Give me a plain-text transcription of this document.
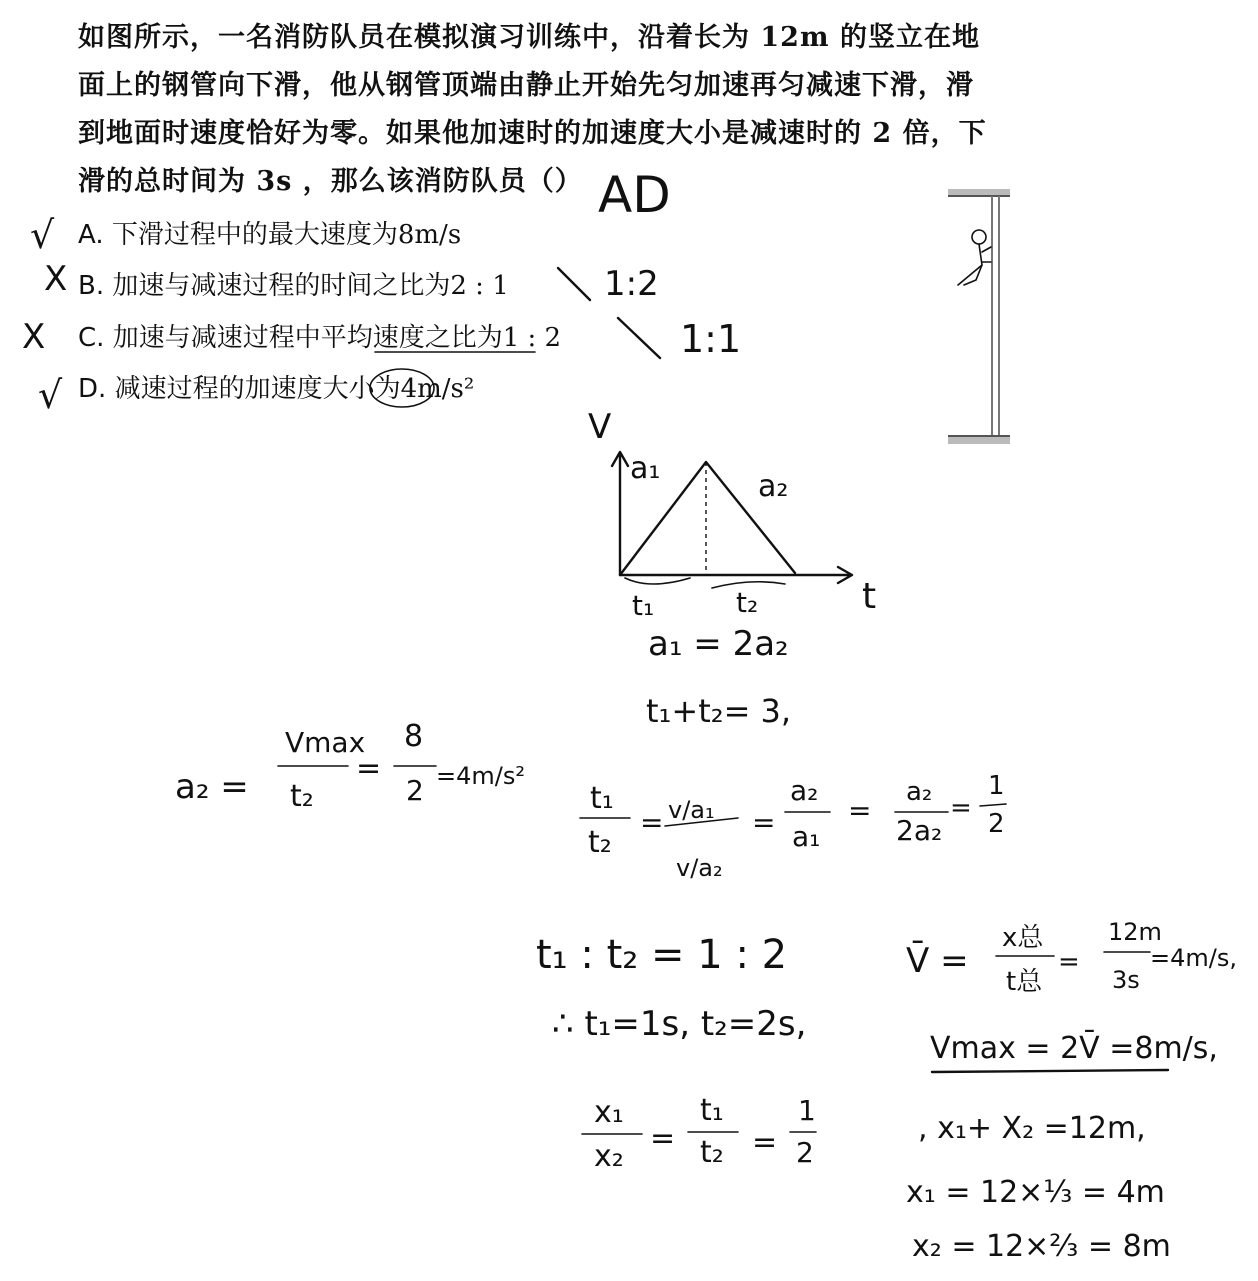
如图所示，一名消防队员在模拟演习训练中，沿着长为 12m 的竖立在地
面上的钢管向下滑，他从钢管顶端由静止开始先匀加速再匀减速下滑，滑
到地面时速度恰好为零。如果他加速时的加速度大小是减速时的 2 倍，下
滑的总时间为 3s ，那么该消防队员（）
A. 下滑过程中的最大速度为8m/s
B. 加速与减速过程的时间之比为2 : 1
C. 加速与减速过程中平均速度之比为1 : 2
D. 减速过程的加速度大小为4m/s²
AD
√
X
X
√
1:2
1:1
V
t
a₁
a₂
t₁	t₂
a₁ = 2a₂
t₁+t₂= 3,
a₂ =
Vmax
t₂
=
8
2 =4m/s²
t₁
t₂
= v/a₁
v/a₂
=
a₂
a₁
=
a₂
2a₂
=
1
2
t₁ : t₂ = 1 : 2
∴ t₁=1s, t₂=2s,
x₁
x₂
=
t₁
t₂ =
1
2
V̄ =
x总
t总
=
12m
3s
=4m/s,
Vmax = 2V̄ =8m/s,
, x₁+ X₂ =12m,
x₁ = 12×⅓ = 4m
x₂ = 12×⅔ = 8m
